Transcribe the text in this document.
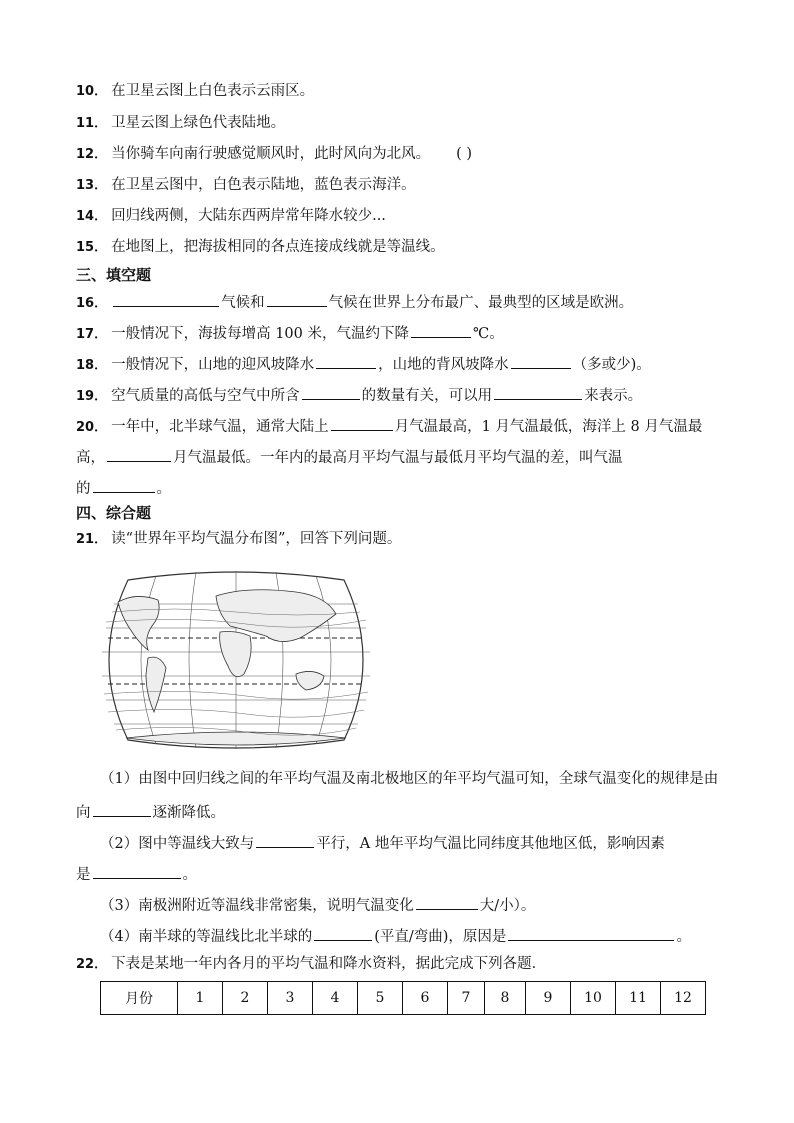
10． 在卫星云图上白色表示云雨区。
11． 卫星云图上绿色代表陆地。
12． 当你骑车向南行驶感觉顺风时，此时风向为北风。 ( )
13． 在卫星云图中，白色表示陆地，蓝色表示海洋。
14． 回归线两侧，大陆东西两岸常年降水较少...
15． 在地图上，把海拔相同的各点连接成线就是等温线。
三、填空题
16．	气候和	气候在世界上分布最广、最典型的区域是欧洲。
17． 一般情况下，海拔每增高 100 米，气温约下降	℃。
18． 一般情况下，山地的迎风坡降水	，山地的背风坡降水	（多或少)。
19． 空气质量的高低与空气中所含	的数量有关，可以用	来表示。
20． 一年中，北半球气温，通常大陆上	月气温最高，1 月气温最低，海洋上 8 月气温最
高，	月气温最低。一年内的最高月平均气温与最低月平均气温的差，叫气温
的	。
四、综合题
21． 读“世界年平均气温分布图”，回答下列问题。
（1）由图中回归线之间的年平均气温及南北极地区的年平均气温可知，全球气温变化的规律是由
向	逐渐降低。
（2）图中等温线大致与	平行，A 地年平均气温比同纬度其他地区低，影响因素
是	。
（3）南极洲附近等温线非常密集，说明气温变化	大/小）。
（4）南半球的等温线比北半球的	(平直/弯曲)，原因是	。
22． 下表是某地一年内各月的平均气温和降水资料，据此完成下列各题．
月份	1	2	3	4	5	6	7	8	9	10	11	12
